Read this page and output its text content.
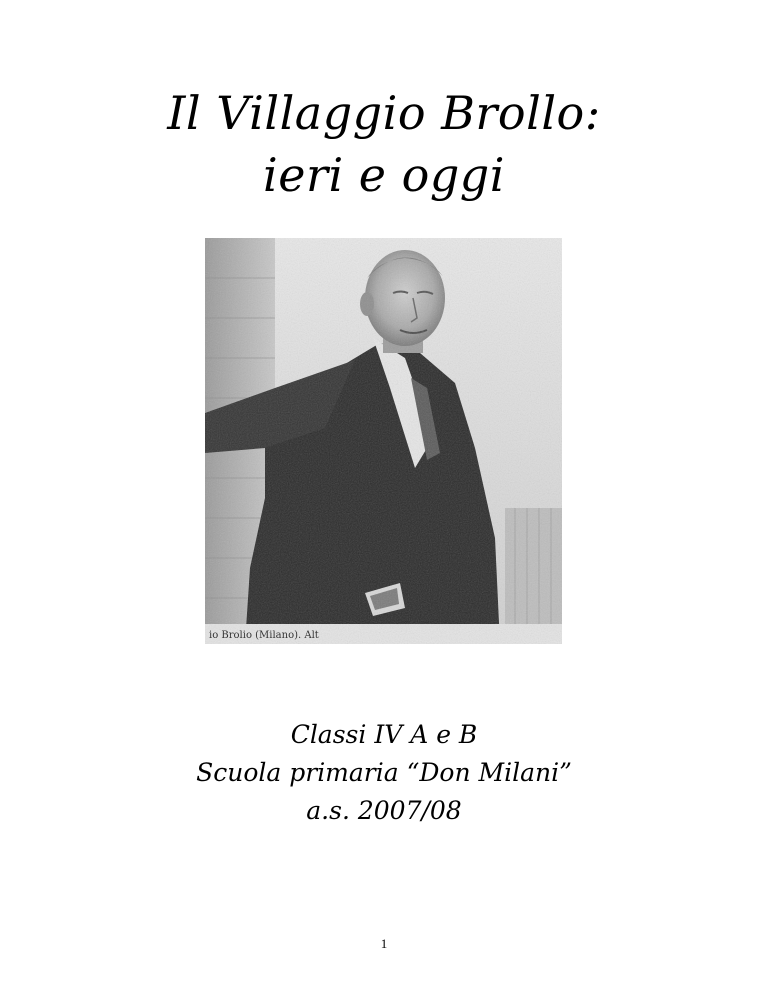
Il Villaggio Brollo:
ieri e oggi
Classi IV A e B
Scuola primaria “Don Milani”
a.s. 2007/08
1
